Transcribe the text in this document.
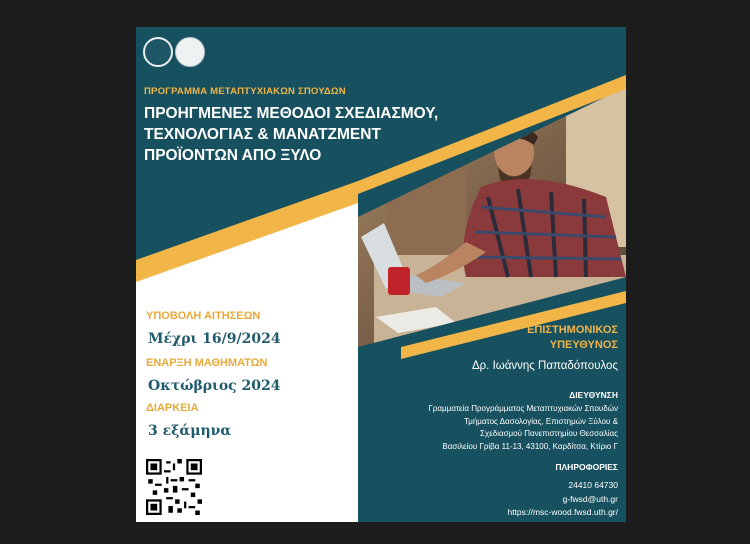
ΠΡΟΓΡΑΜΜΑ ΜΕΤΑΠΤΥΧΙΑΚΩΝ ΣΠΟΥΔΩΝ
ΠΡΟΗΓΜΕΝΕΣ ΜΕΘΟΔΟΙ ΣΧΕΔΙΑΣΜΟΥ,
ΤΕΧΝΟΛΟΓΙΑΣ & ΜΑΝΑΤΖΜΕΝΤ
ΠΡΟΪΟΝΤΩΝ ΑΠΟ ΞΥΛΟ
ΥΠΟΒΟΛΗ ΑΙΤΗΣΕΩΝ
Μέχρι 16/9/2024
ΕΝΑΡΞΗ ΜΑΘΗΜΑΤΩΝ
Οκτώβριος 2024
ΔΙΑΡΚΕΙΑ
3 εξάμηνα
ΕΠΙΣΤΗΜΟΝΙΚΟΣ
ΥΠΕΥΘΥΝΟΣ
Δρ. Ιωάννης Παπαδόπουλος
ΔΙΕΥΘΥΝΣΗ
Γραμματεία Προγράμματος Μεταπτυχιακών Σπουδών
Τμήματος Δασολογίας, Επιστημών Ξύλου &
Σχεδιασμού Πανεπιστημίου Θεσσαλίας
Βασιλείου Γρίβα 11-13, 43100, Καρδίτσα, Κτίριο Γ
ΠΛΗΡΟΦΟΡΙΕΣ
24410 64730
g-fwsd@uth.gr
https://msc-wood.fwsd.uth.gr/
